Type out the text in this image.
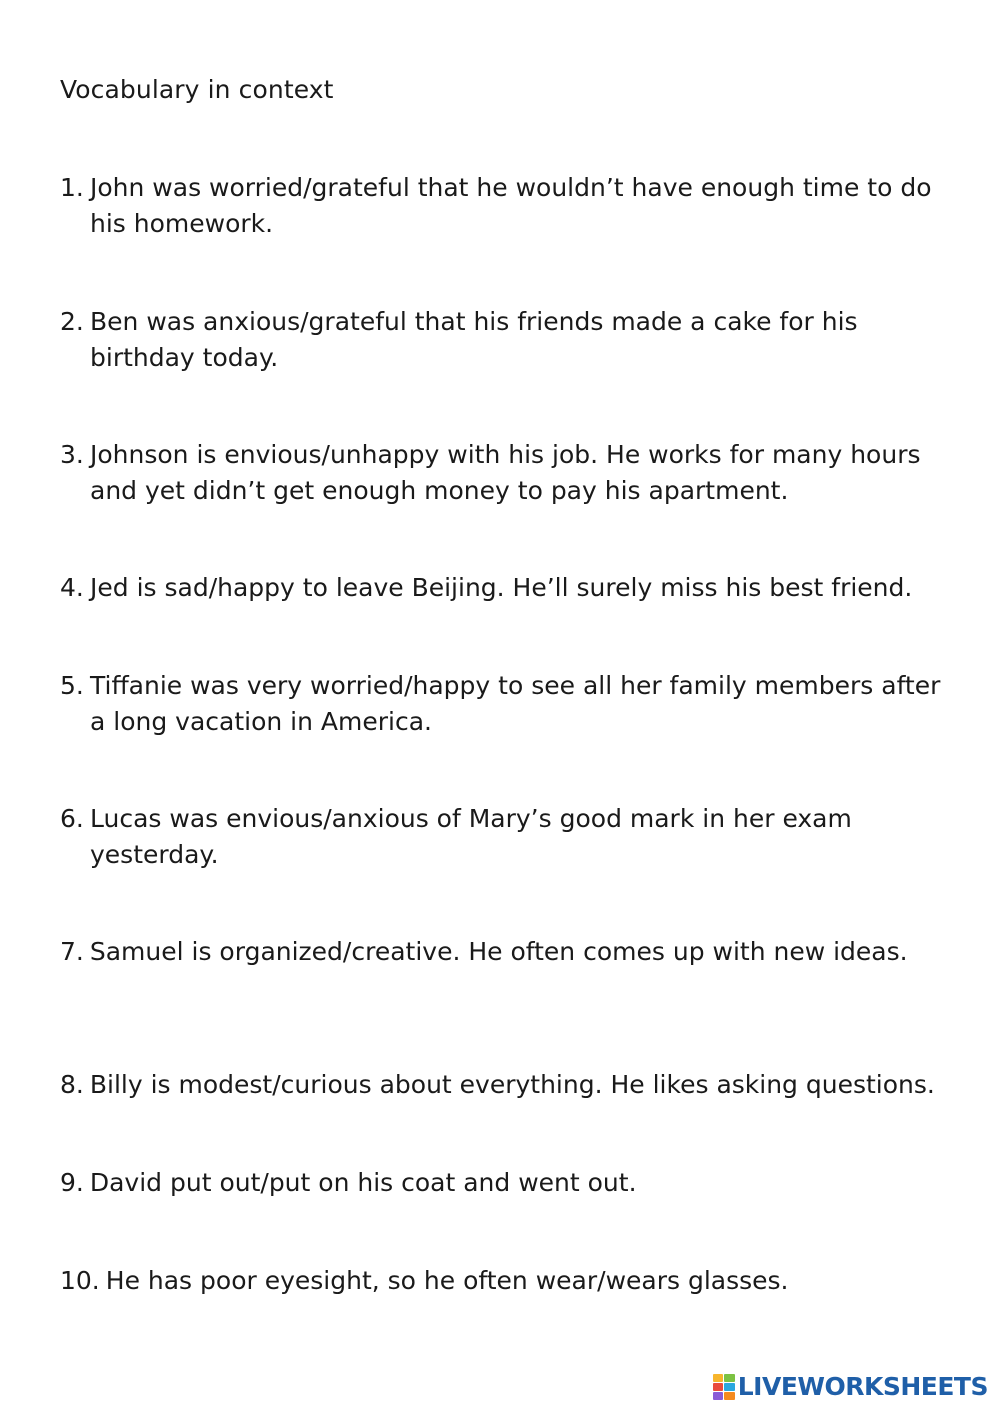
Vocabulary in context
1. John was worried/grateful that he wouldn’t have enough time to do his homework.
2. Ben was anxious/grateful that his friends made a cake for his birthday today.
3. Johnson is envious/unhappy with his job. He works for many hours and yet didn’t get enough money to pay his apartment.
4. Jed is sad/happy to leave Beijing. He’ll surely miss his best friend.
5. Tiffanie was very worried/happy to see all her family members after a long vacation in America.
6. Lucas was envious/anxious of Mary’s good mark in her exam yesterday.
7. Samuel is organized/creative. He often comes up with new ideas.
8. Billy is modest/curious about everything. He likes asking questions.
9. David put out/put on his coat and went out.
10. He has poor eyesight, so he often wear/wears glasses.
LIVEWORKSHEETS
